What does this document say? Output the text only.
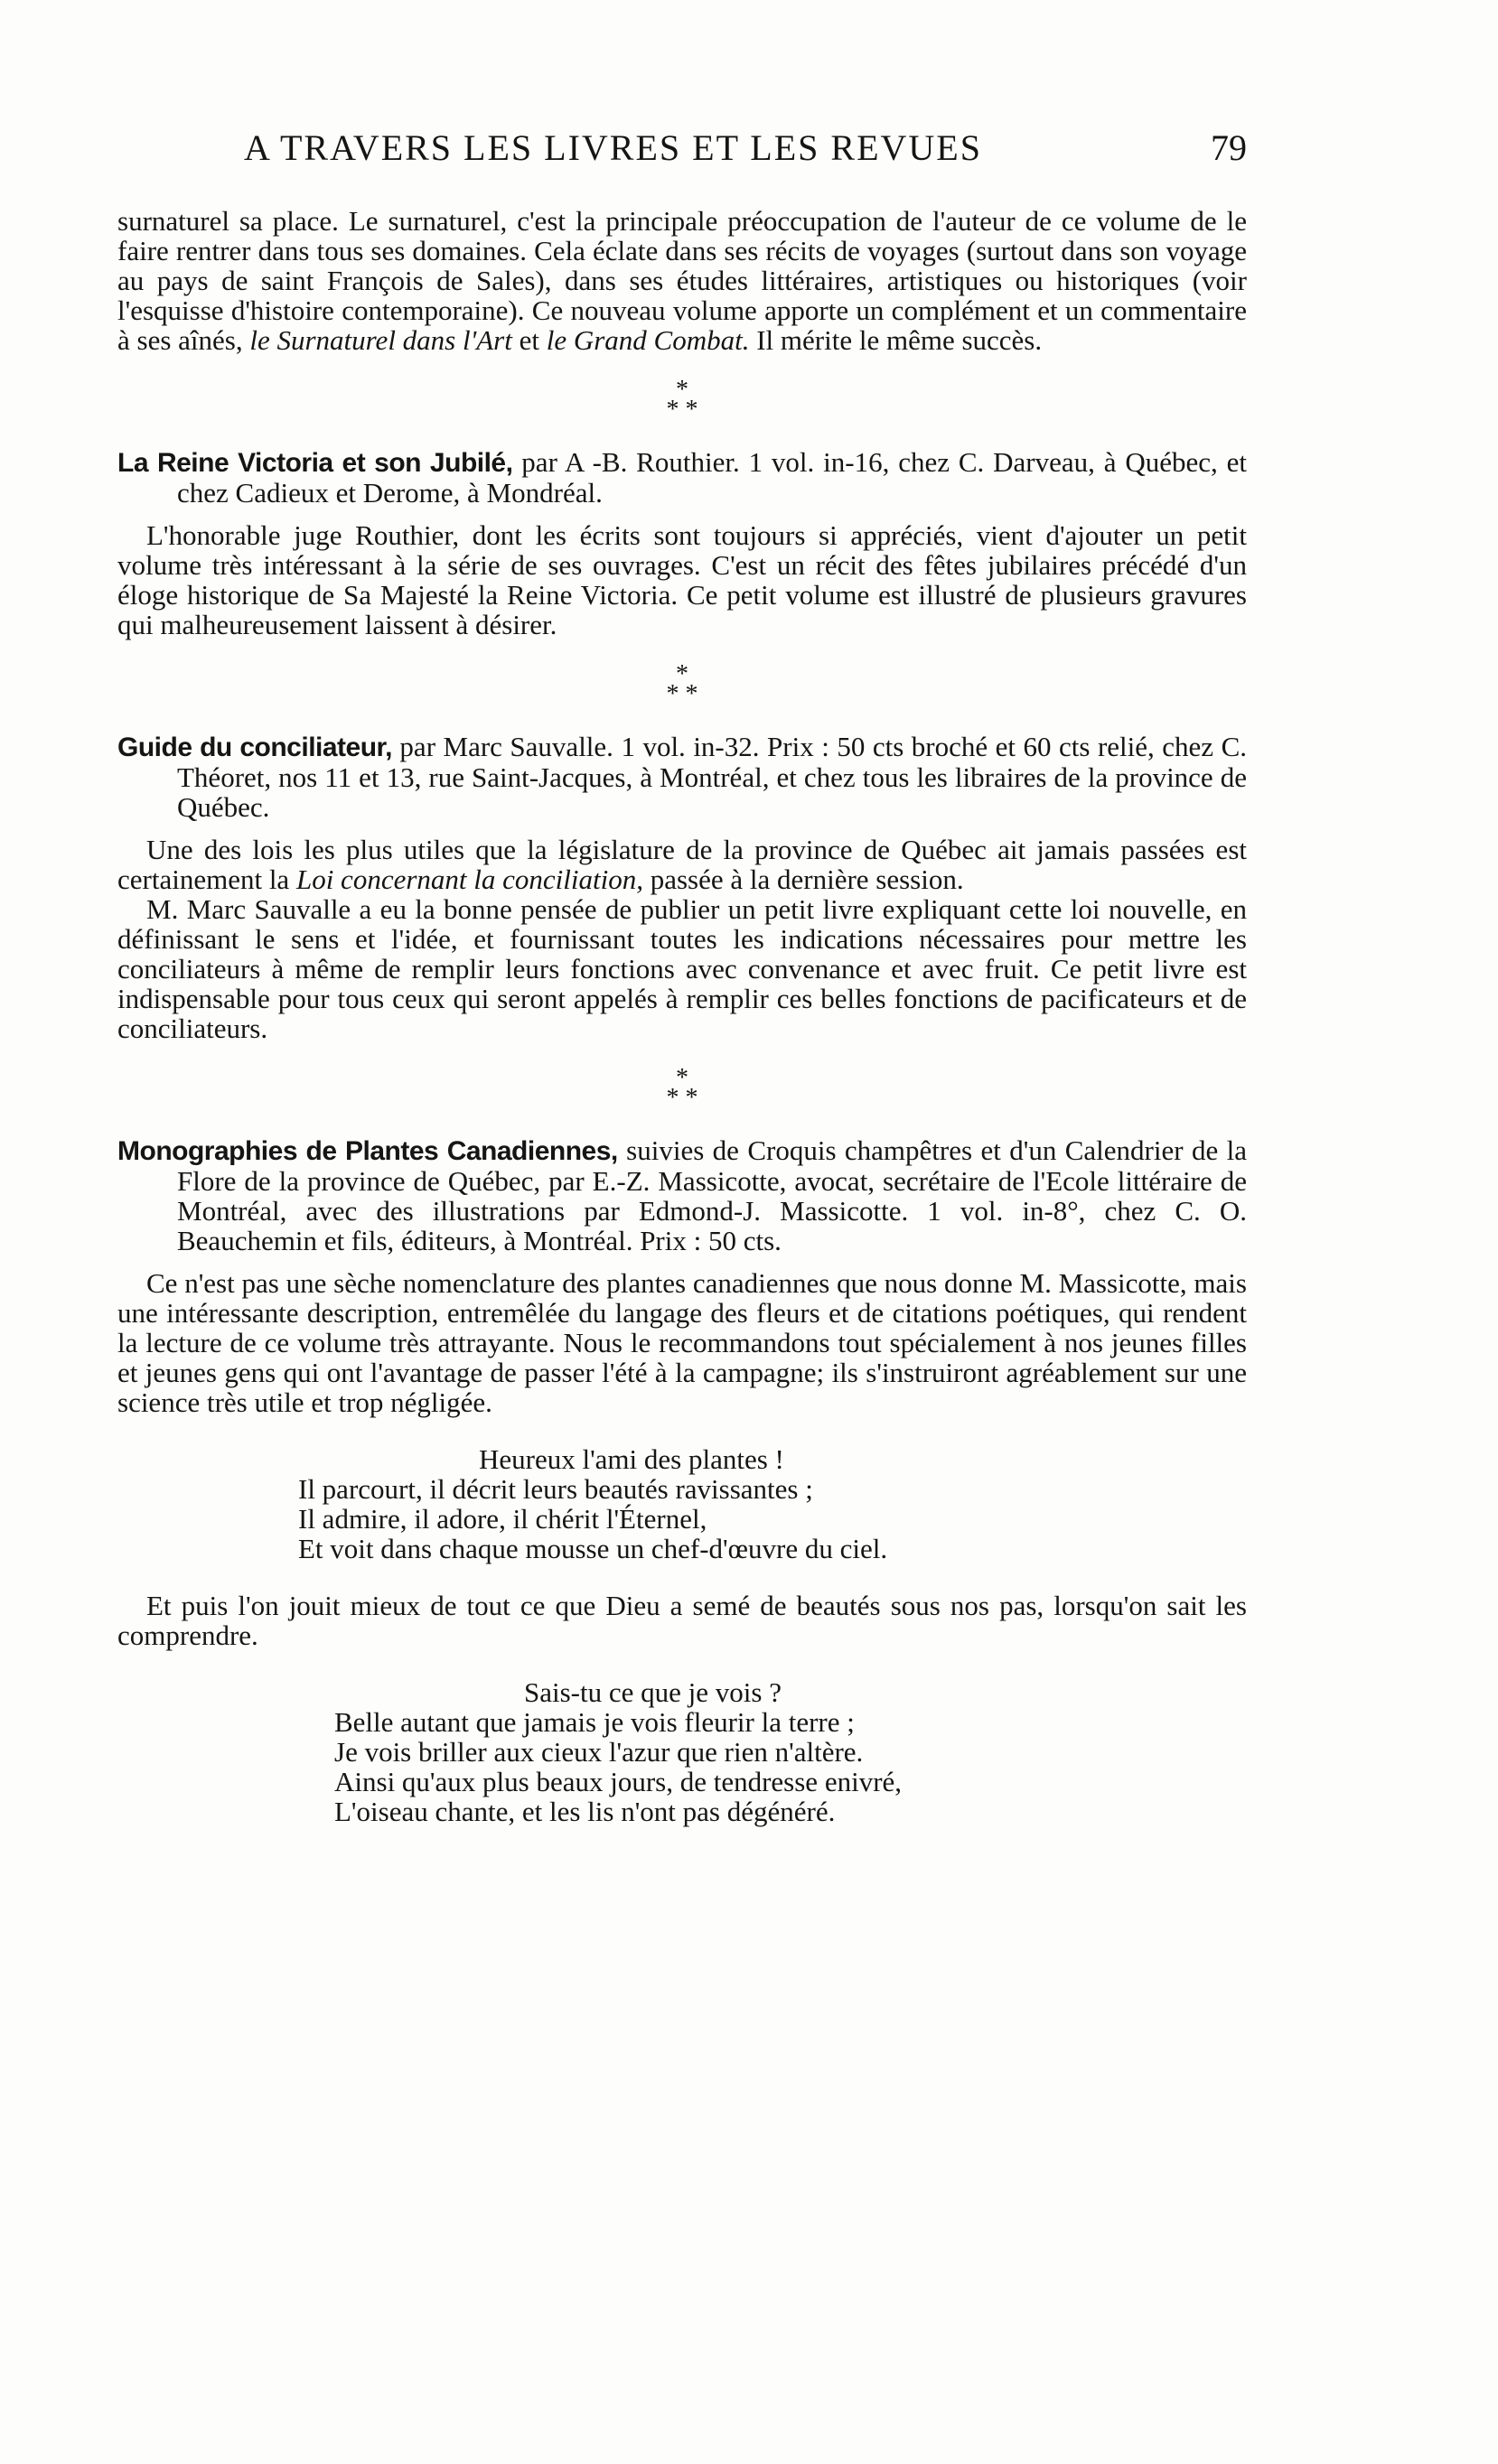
A TRAVERS LES LIVRES ET LES REVUES	79

surnaturel sa place. Le surnaturel, c'est la principale préoccupation de l'auteur de ce volume de le faire rentrer dans tous ses domaines. Cela éclate dans ses récits de voyages (surtout dans son voyage au pays de saint François de Sales), dans ses études littéraires, artistiques ou historiques (voir l'esquisse d'histoire contemporaine). Ce nouveau volume apporte un complément et un commentaire à ses aînés, le Surnaturel dans l'Art et le Grand Combat. Il mérite le même succès.

*
* *

La Reine Victoria et son Jubilé, par A -B. Routhier. 1 vol. in-16, chez C. Darveau, à Québec, et chez Cadieux et Derome, à Mondréal.

L'honorable juge Routhier, dont les écrits sont toujours si appréciés, vient d'ajouter un petit volume très intéressant à la série de ses ouvrages. C'est un récit des fêtes jubilaires précédé d'un éloge historique de Sa Majesté la Reine Victoria. Ce petit volume est illustré de plusieurs gravures qui malheureusement laissent à désirer.

*
* *

Guide du conciliateur, par Marc Sauvalle. 1 vol. in-32. Prix : 50 cts broché et 60 cts relié, chez C. Théoret, nos 11 et 13, rue Saint-Jacques, à Montréal, et chez tous les libraires de la province de Québec.

Une des lois les plus utiles que la législature de la province de Québec ait jamais passées est certainement la Loi concernant la conciliation, passée à la dernière session.

M. Marc Sauvalle a eu la bonne pensée de publier un petit livre expliquant cette loi nouvelle, en définissant le sens et l'idée, et fournissant toutes les indications nécessaires pour mettre les conciliateurs à même de remplir leurs fonctions avec convenance et avec fruit. Ce petit livre est indispensable pour tous ceux qui seront appelés à remplir ces belles fonctions de pacificateurs et de conciliateurs.

*
* *

Monographies de Plantes Canadiennes, suivies de Croquis champêtres et d'un Calendrier de la Flore de la province de Québec, par E.-Z. Massicotte, avocat, secrétaire de l'Ecole littéraire de Montréal, avec des illustrations par Edmond-J. Massicotte. 1 vol. in-8°, chez C. O. Beauchemin et fils, éditeurs, à Montréal. Prix : 50 cts.

Ce n'est pas une sèche nomenclature des plantes canadiennes que nous donne M. Massicotte, mais une intéressante description, entremêlée du langage des fleurs et de citations poétiques, qui rendent la lecture de ce volume très attrayante. Nous le recommandons tout spécialement à nos jeunes filles et jeunes gens qui ont l'avantage de passer l'été à la campagne; ils s'instruiront agréablement sur une science très utile et trop négligée.

Heureux l'ami des plantes !
Il parcourt, il décrit leurs beautés ravissantes ;
Il admire, il adore, il chérit l'Éternel,
Et voit dans chaque mousse un chef-d'œuvre du ciel.

Et puis l'on jouit mieux de tout ce que Dieu a semé de beautés sous nos pas, lorsqu'on sait les comprendre.

Sais-tu ce que je vois ?
Belle autant que jamais je vois fleurir la terre ;
Je vois briller aux cieux l'azur que rien n'altère.
Ainsi qu'aux plus beaux jours, de tendresse enivré,
L'oiseau chante, et les lis n'ont pas dégénéré.
